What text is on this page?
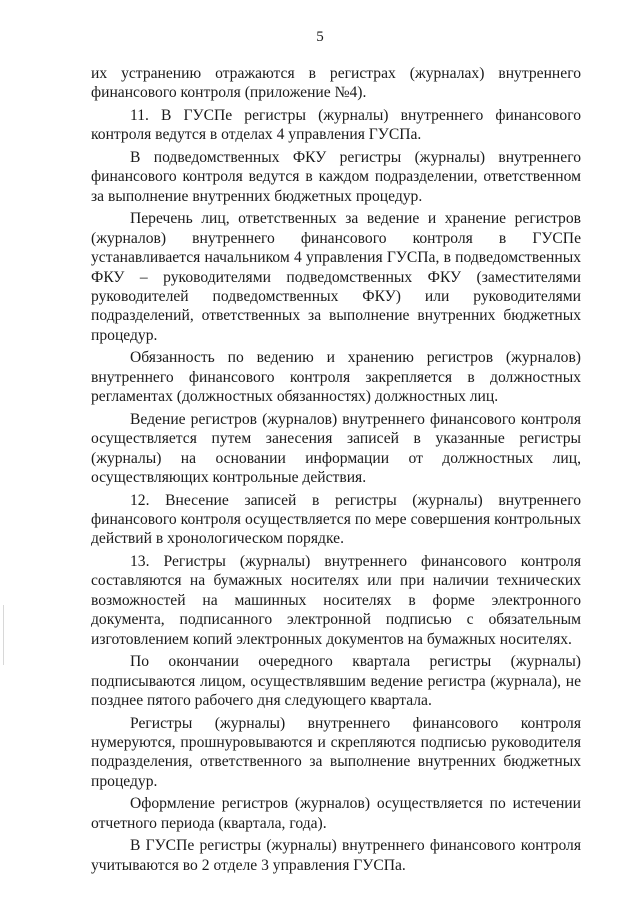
5

их устранению отражаются в регистрах (журналах) внутреннего финансового контроля (приложение №4).

11. В ГУСПе регистры (журналы) внутреннего финансового контроля ведутся в отделах 4 управления ГУСПа.

В подведомственных ФКУ регистры (журналы) внутреннего финансового контроля ведутся в каждом подразделении, ответственном за выполнение внутренних бюджетных процедур.

Перечень лиц, ответственных за ведение и хранение регистров (журналов) внутреннего финансового контроля в ГУСПе устанавливается начальником 4 управления ГУСПа, в подведомственных ФКУ – руководителями подведомственных ФКУ (заместителями руководителей подведомственных ФКУ) или руководителями подразделений, ответственных за выполнение внутренних бюджетных процедур.

Обязанность по ведению и хранению регистров (журналов) внутреннего финансового контроля закрепляется в должностных регламентах (должностных обязанностях) должностных лиц.

Ведение регистров (журналов) внутреннего финансового контроля осуществляется путем занесения записей в указанные регистры (журналы) на основании информации от должностных лиц, осуществляющих контрольные действия.

12. Внесение записей в регистры (журналы) внутреннего финансового контроля осуществляется по мере совершения контрольных действий в хронологическом порядке.

13. Регистры (журналы) внутреннего финансового контроля составляются на бумажных носителях или при наличии технических возможностей на машинных носителях в форме электронного документа, подписанного электронной подписью с обязательным изготовлением копий электронных документов на бумажных носителях.

По окончании очередного квартала регистры (журналы) подписываются лицом, осуществлявшим ведение регистра (журнала), не позднее пятого рабочего дня следующего квартала.

Регистры (журналы) внутреннего финансового контроля нумеруются, прошнуровываются и скрепляются подписью руководителя подразделения, ответственного за выполнение внутренних бюджетных процедур.

Оформление регистров (журналов) осуществляется по истечении отчетного периода (квартала, года).

В ГУСПе регистры (журналы) внутреннего финансового контроля учитываются во 2 отделе 3 управления ГУСПа.
